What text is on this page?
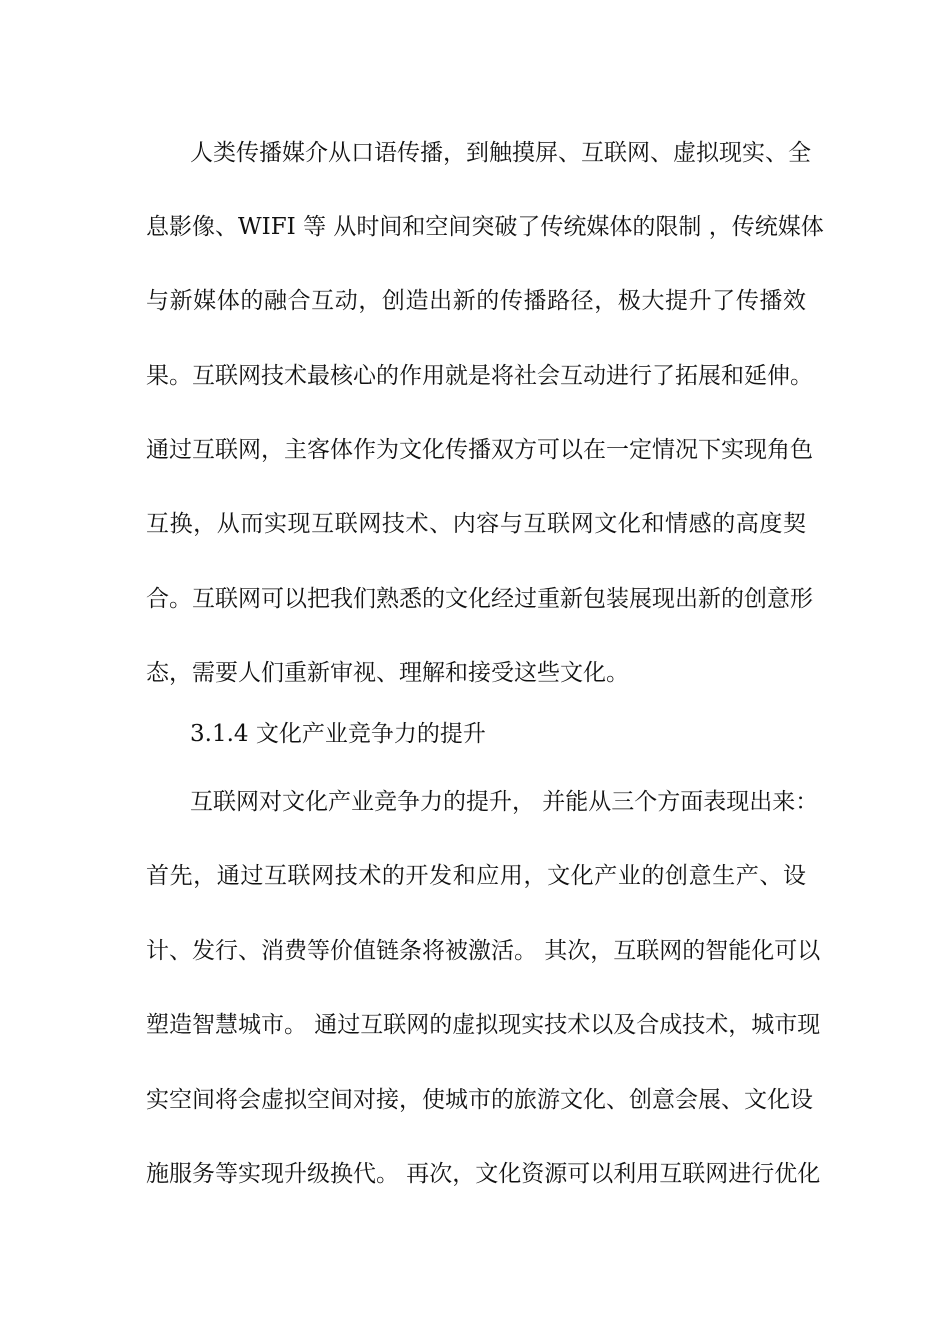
人类传播媒介从口语传播，到触摸屏、互联网、虚拟现实、全
息影像、WIFI 等 从时间和空间突破了传统媒体的限制 ，传统媒体
与新媒体的融合互动，创造出新的传播路径，极大提升了传播效
果。互联网技术最核心的作用就是将社会互动进行了拓展和延伸。
通过互联网，主客体作为文化传播双方可以在一定情况下实现角色
互换，从而实现互联网技术、内容与互联网文化和情感的高度契
合。互联网可以把我们熟悉的文化经过重新包装展现出新的创意形
态，需要人们重新审视、理解和接受这些文化。
3.1.4 文化产业竞争力的提升
互联网对文化产业竞争力的提升， 并能从三个方面表现出来：
首先，通过互联网技术的开发和应用，文化产业的创意生产、设
计、发行、消费等价值链条将被激活。 其次，互联网的智能化可以
塑造智慧城市。 通过互联网的虚拟现实技术以及合成技术，城市现
实空间将会虚拟空间对接，使城市的旅游文化、创意会展、文化设
施服务等实现升级换代。 再次，文化资源可以利用互联网进行优化
